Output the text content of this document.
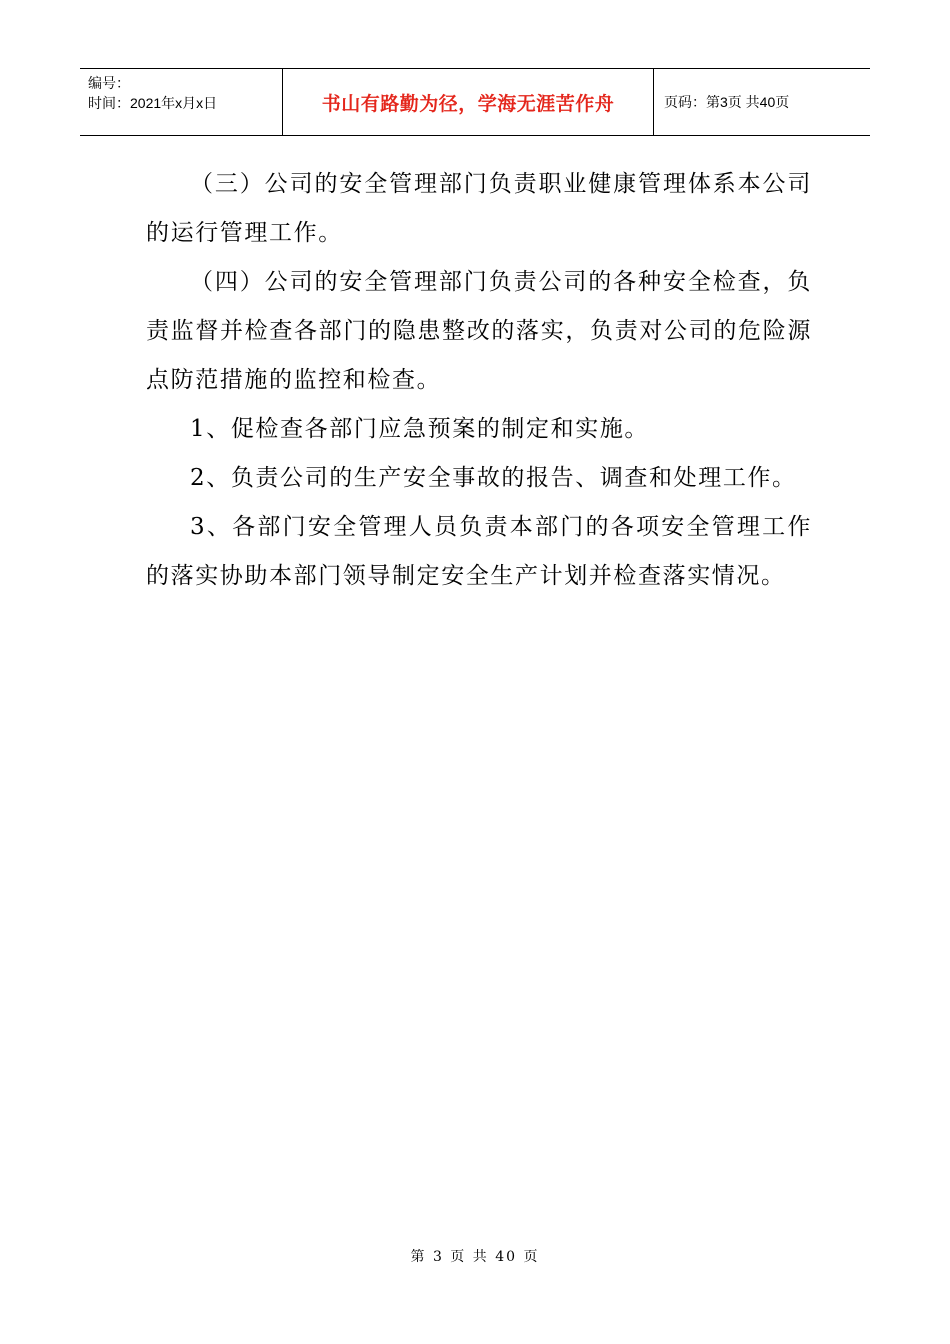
编号：
时间：2021年x月x日	书山有路勤为径，学海无涯苦作舟	页码：第3页 共40页

（三）公司的安全管理部门负责职业健康管理体系本公司的运行管理工作。

（四）公司的安全管理部门负责公司的各种安全检查，负责监督并检查各部门的隐患整改的落实，负责对公司的危险源点防范措施的监控和检查。

1、促检查各部门应急预案的制定和实施。

2、负责公司的生产安全事故的报告、调查和处理工作。

3、各部门安全管理人员负责本部门的各项安全管理工作的落实协助本部门领导制定安全生产计划并检查落实情况。

第 3 页 共 40 页
